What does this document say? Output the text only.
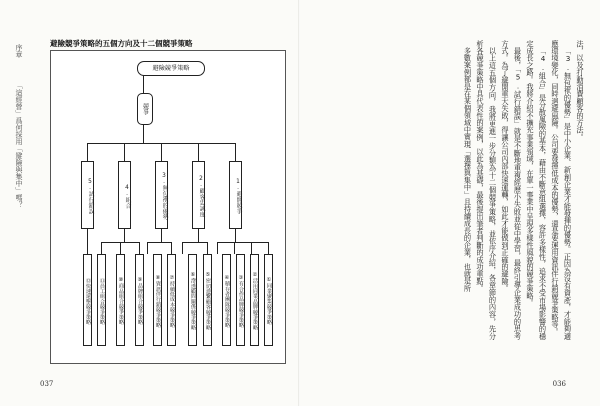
序章  「這經營」爲何採用「避險與集中」嗎？
避險競爭策略的五個方向及十二個競爭策略
避險競爭策略
競爭
5.試行錯誤	4.組合	3.無包袱的優勢	2.顧客忠誠度	1.避開競爭
⑫快速還擊競爭策略	⑪員工組合競爭策略	⑩商品組合競爭策略	⑨品牌組合競爭策略	⑧資訊伴行銷競爭策略	⑦持續低成本競爭策略	⑥滲透顧問關係競爭策略	⑤密切連繫顧客競爭策略	④積存者團隊競爭策略	③有合作品牌競爭策略	②活用同業品牌競爭策略	①同業聚集競爭策略
037

法，以及打動消費顧客的方法。

「3.無包袱的優勢」是中小企業、新創企業才能發揮的優勢。正因為沒有資產，才能夠適應環境變化，同時迴避風險。公司要發揮低成本的優勢，還是要運用資訊伴行銷競爭策略等。

「4.組合」是分散風險的基本，藉由不斷意組選擇，容許多樣性，追求不受市場影響的穩定成長之路。我將介紹不擴充事業領域，在單一事業中呈現多樣性風貌的競爭策略。

最後，「5.試行錯誤」就是不斷地重複經歷小失敗並從中學習，最終引導企業成功的思考方式。為了避開重大失敗，得讓公司內部快速運轉，如此才能做到正確的避險。

以上這五個方向，我將更進一步分類為十二個競爭策略，並依序介紹，各章節的內容，先分析各競爭策略中具代表性的案例，以此為基礎，最後提出筆者判斷的成功重點。

多數案例都是在某個領域中實現「選擇與集中」且持續成長的企業，也就是所

036
